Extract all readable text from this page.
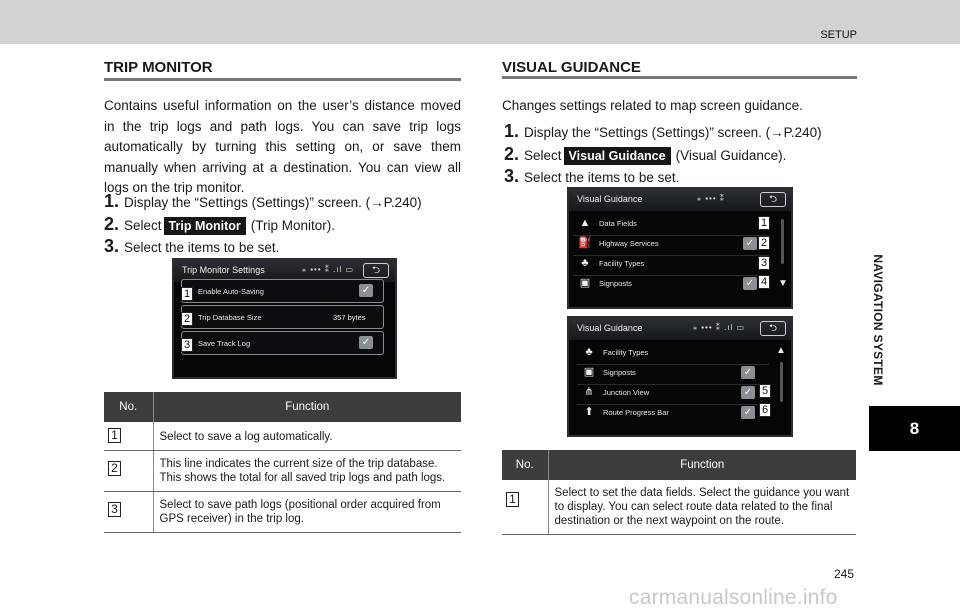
SETUP
NAVIGATION SYSTEM
8
245
carmanualsonline.info
TRIP MONITOR
Contains useful information on the user’s distance moved in the trip logs and path logs. You can save trip logs automatically by turning this setting on, or save them manually when arriving at a destination. You can view all logs on the trip monitor.
1. Display the “Settings (Settings)” screen. (→P.240)
2. Select Trip Monitor (Trip Monitor).
3. Select the items to be set.
Trip Monitor Settings	⁎ ▪•• ⁑ .ıl ▭	⮌
Enable Auto-Saving	✓
Trip Database Size	357 bytes
Save Track Log	✓
1
2
3
No.	Function
1	Select to save a log automatically.
2	This line indicates the current size of the trip database. This shows the total for all saved trip logs and path logs.
3	Select to save path logs (positional order acquired from GPS receiver) in the trip log.
VISUAL GUIDANCE
Changes settings related to map screen guidance.
1. Display the “Settings (Settings)” screen. (→P.240)
2. Select Visual Guidance (Visual Guidance).
3. Select the items to be set.
Visual Guidance	⁎ ▪•• ⁑	⮌
▲ Data Fields
⛽ Highway Services	✓
♣	Facility Types
▣ Signposts	✓
1
2
3
4 ▼
Visual Guidance	⁎ ▪•• ⁑ .ıl ▭	⮌
♣	Facility Types
▣ Signposts	✓
⋔	Junction View	✓
⬆	Route Progress Bar	✓
5
6
▲
No.	Function
1	Select to set the data fields. Select the guidance you want to display. You can select route data related to the final destination or the next waypoint on the route.
